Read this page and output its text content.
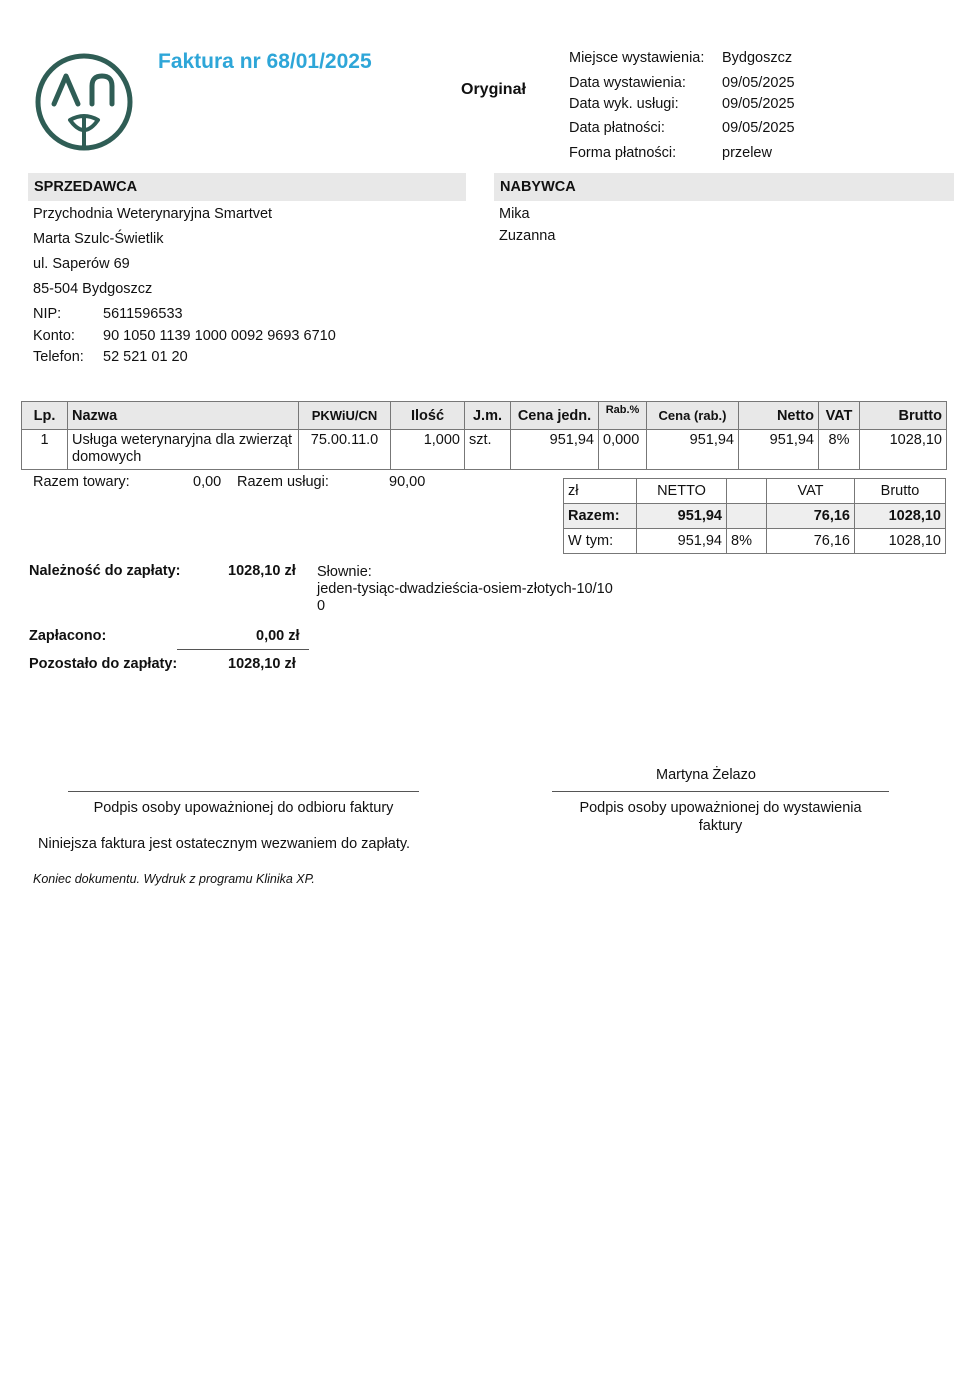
Faktura nr 68/01/2025
Oryginał
Miejsce wystawienia: Bydgoszcz
Data wystawienia: 09/05/2025
Data wyk. usługi:	09/05/2025
Data płatności:	09/05/2025
Forma płatności:	przelew
SPRZEDAWCA
Przychodnia Weterynaryjna Smartvet
Marta Szulc-Świetlik
ul. Saperów 69
85-504 Bydgoszcz
NIP:	5611596533
Konto: 90 1050 1139 1000 0092 9693 6710
Telefon: 52 521 01 20
NABYWCA
Mika
Zuzanna
Lp.	Nazwa	PKWiU/CN	Ilość	J.m.	Cena jedn.	Rab.%	Cena (rab.)	Netto	VAT	Brutto
1	Usługa weterynaryjna dla zwierząt domowych	75.00.11.0	1,000	szt.	951,94	0,000	951,94	951,94	8%	1028,10
Razem towary:	0,00 Razem usługi:	90,00
zł	NETTO		VAT	Brutto
Razem:	951,94		76,16	1028,10
W tym:	951,94	8%	76,16	1028,10
Należność do zapłaty:	1028,10 zł Słownie:
jeden-tysiąc-dwadzieścia-osiem-złotych-10/10
0
Zapłacono:	0,00 zł
Pozostało do zapłaty:	1028,10 zł
Martyna Żelazo
Podpis osoby upoważnionej do odbioru faktury	Podpis osoby upoważnionej do wystawienia
faktury
Niniejsza faktura jest ostatecznym wezwaniem do zapłaty.
Koniec dokumentu. Wydruk z programu Klinika XP.
